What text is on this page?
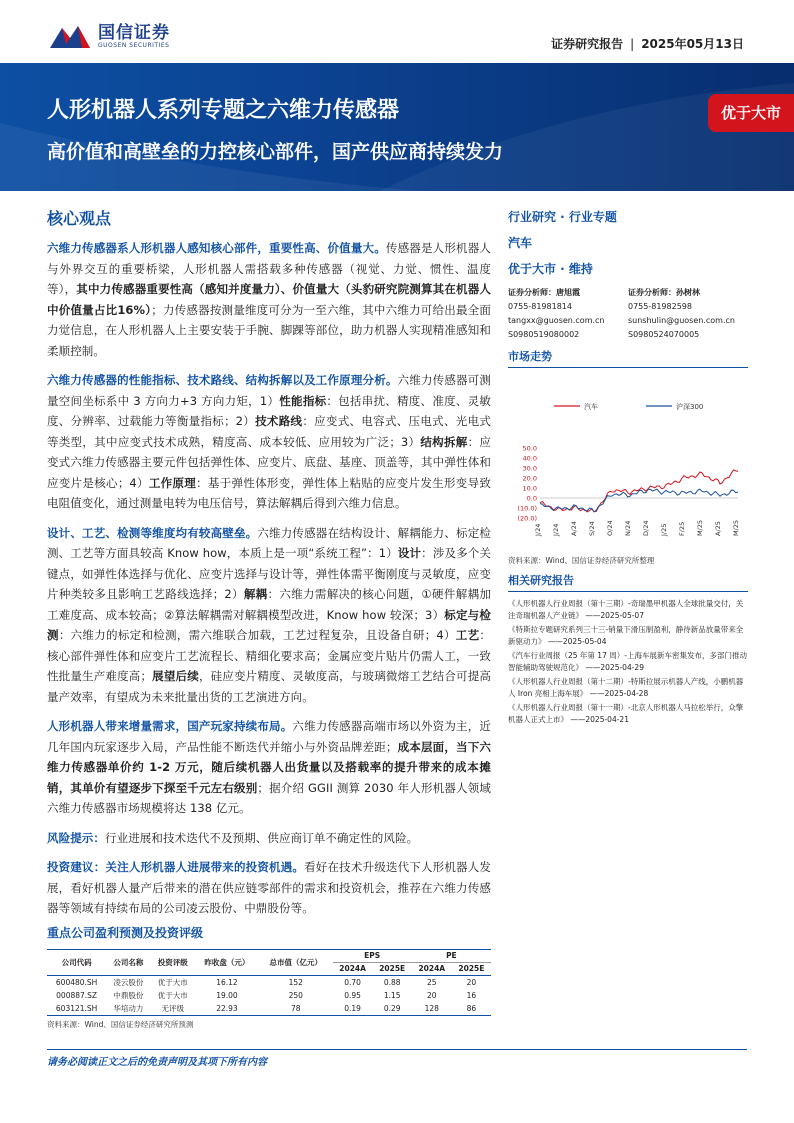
国信证券
GUOSEN SECURITIES	证券研究报告 | 2025年05月13日
人形机器人系列专题之六维力传感器
高价值和高壁垒的力控核心部件，国产供应商持续发力
优于大市
核心观点
六维力传感器系人形机器人感知核心部件，重要性高、价值量大。传感器是人形机器人与外界交互的重要桥梁，人形机器人需搭载多种传感器（视觉、力觉、惯性、温度等），其中力传感器重要性高（感知并度量力）、价值量大（头豹研究院测算其在机器人中价值量占比16%）；力传感器按测量维度可分为一至六维，其中六维力可给出最全面力觉信息，在人形机器人上主要安装于手腕、脚踝等部位，助力机器人实现精准感知和柔顺控制。
六维力传感器的性能指标、技术路线、结构拆解以及工作原理分析。六维力传感器可测量空间坐标系中 3 方向力+3 方向力矩，1）性能指标：包括串扰、精度、准度、灵敏度、分辨率、过载能力等衡量指标；2）技术路线：应变式、电容式、压电式、光电式等类型，其中应变式技术成熟，精度高、成本较低、应用较为广泛；3）结构拆解：应变式六维力传感器主要元件包括弹性体、应变片、底盘、基座、顶盖等，其中弹性体和应变片是核心；4）工作原理：基于弹性体形变，弹性体上粘贴的应变片发生形变导致电阻值变化，通过测量电转为电压信号，算法解耦后得到六维力信息。
设计、工艺、检测等维度均有较高壁垒。六维力传感器在结构设计、解耦能力、标定检测、工艺等方面具较高 Know how，本质上是一项“系统工程”：1）设计：涉及多个关键点，如弹性体选择与优化、应变片选择与设计等，弹性体需平衡刚度与灵敏度，应变片种类较多且影响工艺路线选择；2）解耦：六维力需解决的核心问题，①硬件解耦加工难度高、成本较高；②算法解耦需对解耦模型改进，Know how 较深；3）标定与检测：六维力的标定和检测，需六维联合加载，工艺过程复杂，且设备自研；4）工艺：核心部件弹性体和应变片工艺流程长、精细化要求高；金属应变片贴片仍需人工，一致性批量生产难度高；展望后续，硅应变片精度、灵敏度高，与玻璃微熔工艺结合可提高量产效率，有望成为未来批量出货的工艺演进方向。
人形机器人带来增量需求，国产玩家持续布局。六维力传感器高端市场以外资为主，近几年国内玩家逐步入局，产品性能不断迭代并缩小与外资品牌差距；成本层面，当下六维力传感器单价约 1-2 万元，随后续机器人出货量以及搭载率的提升带来的成本摊销，其单价有望逐步下探至千元左右级别；据介绍 GGII 测算 2030 年人形机器人领域六维力传感器市场规模将达 138 亿元。
风险提示：行业进展和技术迭代不及预期、供应商订单不确定性的风险。
投资建议：关注人形机器人进展带来的投资机遇。看好在技术升级迭代下人形机器人发展，看好机器人量产后带来的潜在供应链零部件的需求和投资机会，推荐在六维力传感器等领域有持续布局的公司凌云股份、中鼎股份等。
行业研究 · 行业专题
汽车
优于大市 · 维持
证券分析师：唐旭霞
0755-81981814
tangxx@guosen.com.cn
S0980519080002
证券分析师：孙树林
0755-81982598
sunshulin@guosen.com.cn
S0980524070005
市场走势
汽车	沪深300
50.0
40.0
30.0
20.0
10.0
0.0
(10.0)
(20.0)
J/24 J/24 A/24 S/24 O/24 N/24 D/24 J/25 F/25 M/25 A/25 M/25
资料来源：Wind、国信证券经济研究所整理
相关研究报告
《人形机器人行业周报（第十三期）-奇瑞墨甲机器人全球批量交付，关注奇瑞机器人产业链》 ——2025-05-07
《特斯拉专题研究系列三十三-销量下滑压制盈利，静待新品放量带来全新驱动力》 ——2025-05-04
《汽车行业周报（25 年第 17 周）-上海车展新车密集发布，多部门推动智能辅助驾驶规范化》 ——2025-04-29
《人形机器人行业周报（第十二期）-特斯拉展示机器人产线，小鹏机器人 Iron 亮相上海车展》 ——2025-04-28
《人形机器人行业周报（第十一期）-北京人形机器人马拉松举行，众擎机器人正式上市》 ——2025-04-21
重点公司盈利预测及投资评级
公司代码	公司名称	投资评级	昨收盘（元）	总市值（亿元）	EPS		PE	
					2024A	2025E	2024A	2025E
600480.SH	凌云股份	优于大市	16.12	152	0.70	0.88	25	20
000887.SZ	中鼎股份	优于大市	19.00	250	0.95	1.15	20	16
603121.SH	华培动力	无评级	22.93	78	0.19	0.29	128	86
资料来源：Wind、国信证券经济研究所预测
请务必阅读正文之后的免责声明及其项下所有内容
